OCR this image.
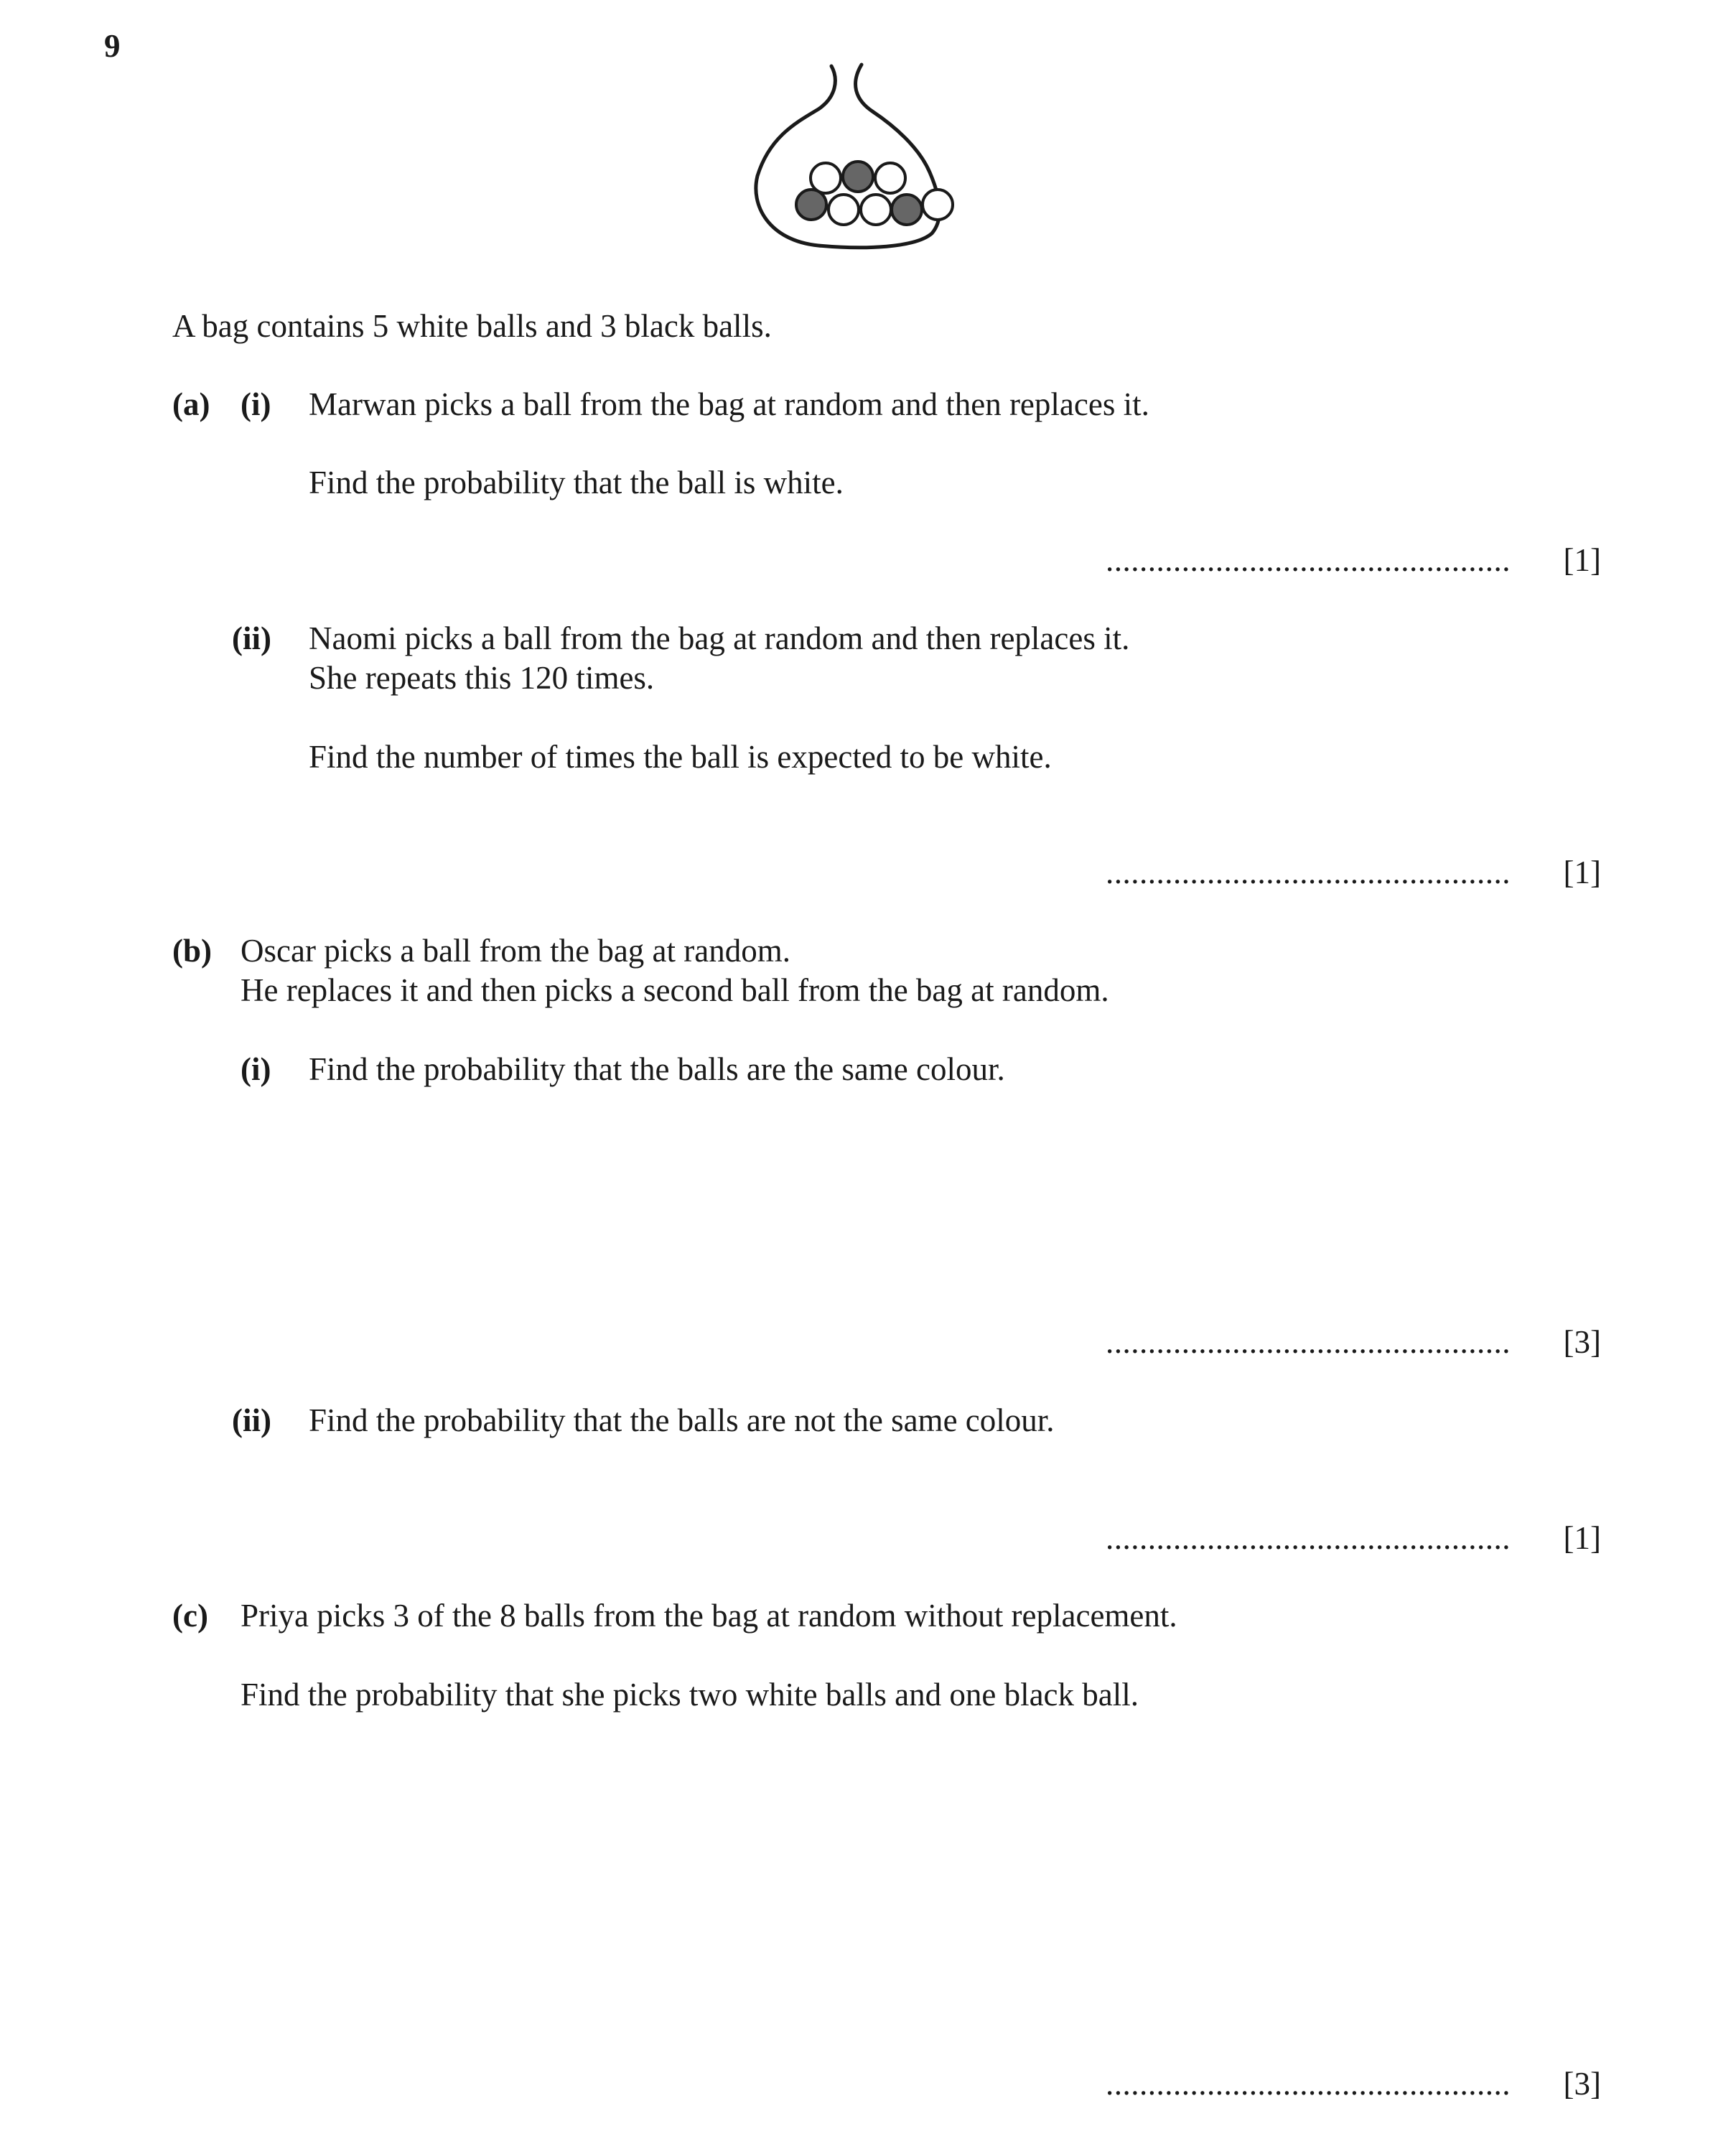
9
A bag contains 5 white balls and 3 black balls.
(a) (i) Marwan picks a ball from the bag at random and then replaces it.
Find the probability that the ball is white.
................................................ [1]
(ii) Naomi picks a ball from the bag at random and then replaces it.
She repeats this 120 times.
Find the number of times the ball is expected to be white.
................................................ [1]
(b) Oscar picks a ball from the bag at random.
He replaces it and then picks a second ball from the bag at random.
(i) Find the probability that the balls are the same colour.
................................................ [3]
(ii) Find the probability that the balls are not the same colour.
................................................ [1]
(c) Priya picks 3 of the 8 balls from the bag at random without replacement.
Find the probability that she picks two white balls and one black ball.
................................................ [3]
